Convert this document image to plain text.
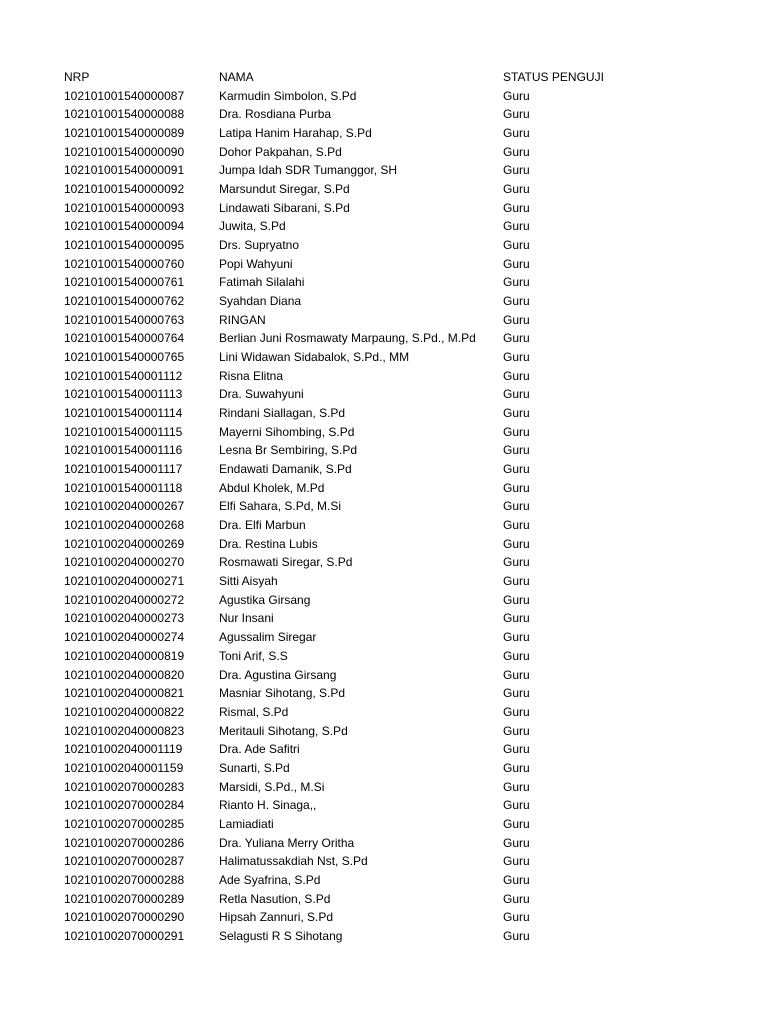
NRP	NAMA	STATUS PENGUJI
102101001540000087	Karmudin Simbolon, S.Pd	Guru
102101001540000088	Dra. Rosdiana Purba	Guru
102101001540000089	Latipa Hanim Harahap, S.Pd	Guru
102101001540000090	Dohor Pakpahan, S.Pd	Guru
102101001540000091	Jumpa Idah SDR Tumanggor, SH	Guru
102101001540000092	Marsundut Siregar, S.Pd	Guru
102101001540000093	Lindawati Sibarani, S.Pd	Guru
102101001540000094	Juwita, S.Pd	Guru
102101001540000095	Drs. Supryatno	Guru
102101001540000760	Popi Wahyuni	Guru
102101001540000761	Fatimah Silalahi	Guru
102101001540000762	Syahdan Diana	Guru
102101001540000763	RINGAN	Guru
102101001540000764	Berlian Juni Rosmawaty Marpaung, S.Pd., M.Pd Guru
102101001540000765	Lini Widawan Sidabalok, S.Pd., MM	Guru
102101001540001112	Risna Elitna	Guru
102101001540001113	Dra. Suwahyuni	Guru
102101001540001114	Rindani Siallagan, S.Pd	Guru
102101001540001115	Mayerni Sihombing, S.Pd	Guru
102101001540001116	Lesna Br Sembiring, S.Pd	Guru
102101001540001117	Endawati Damanik, S.Pd	Guru
102101001540001118	Abdul Kholek, M.Pd	Guru
102101002040000267	Elfi Sahara, S.Pd, M.Si	Guru
102101002040000268	Dra. Elfi Marbun	Guru
102101002040000269	Dra. Restina Lubis	Guru
102101002040000270	Rosmawati Siregar, S.Pd	Guru
102101002040000271	Sitti Aisyah	Guru
102101002040000272	Agustika Girsang	Guru
102101002040000273	Nur Insani	Guru
102101002040000274	Agussalim Siregar	Guru
102101002040000819	Toni Arif, S.S	Guru
102101002040000820	Dra. Agustina Girsang	Guru
102101002040000821	Masniar Sihotang, S.Pd	Guru
102101002040000822	Rismal, S.Pd	Guru
102101002040000823	Meritauli Sihotang, S.Pd	Guru
102101002040001119	Dra. Ade Safitri	Guru
102101002040001159	Sunarti, S.Pd	Guru
102101002070000283	Marsidi, S.Pd., M.Si	Guru
102101002070000284	Rianto H. Sinaga,,	Guru
102101002070000285	Lamiadiati	Guru
102101002070000286	Dra. Yuliana Merry Oritha	Guru
102101002070000287	Halimatussakdiah Nst, S.Pd	Guru
102101002070000288	Ade Syafrina, S.Pd	Guru
102101002070000289	Retla Nasution, S.Pd	Guru
102101002070000290	Hipsah Zannuri, S.Pd	Guru
102101002070000291	Selagusti R S Sihotang	Guru
